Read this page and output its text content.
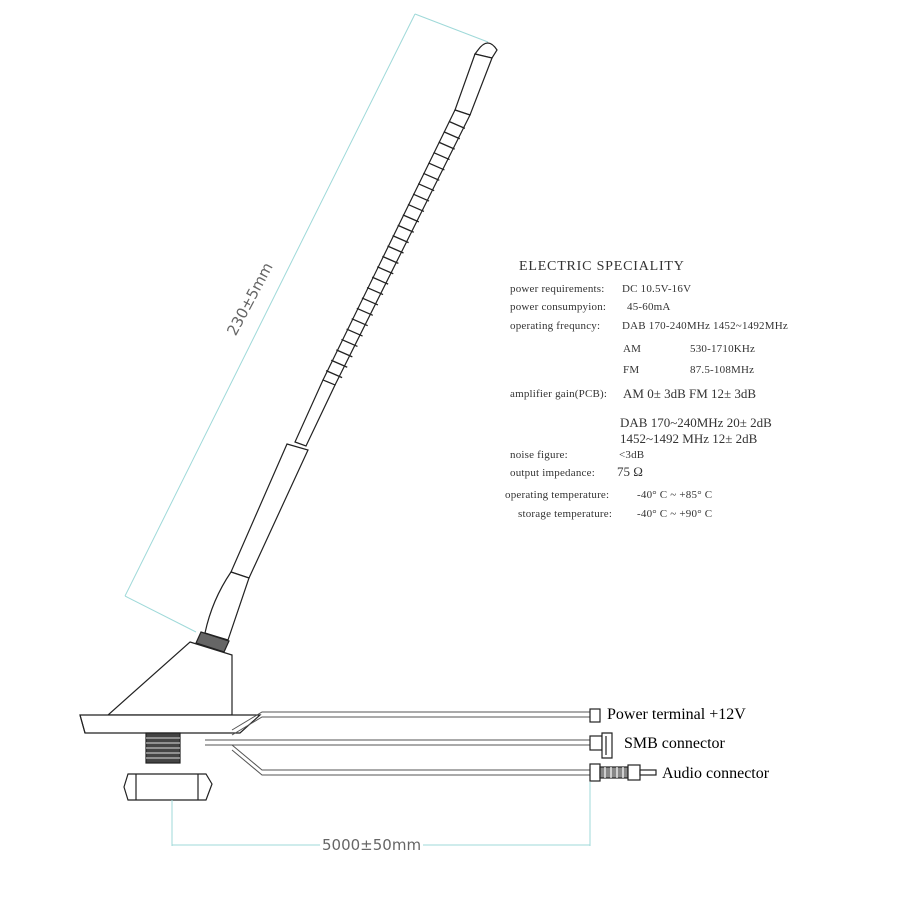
230±5mm
5000±50mm
ELECTRIC SPECIALITY
power requirements: DC 10.5V-16V
power consumpyion: 45-60mA
operating frequncy: DAB 170-240MHz 1452~1492MHz
AM	530-1710KHz
FM	87.5-108MHz
amplifier gain(PCB): AM 0± 3dB FM 12± 3dB
DAB 170~240MHz 20± 2dB
1452~1492 MHz 12± 2dB
noise figure:	<3dB
output impedance: 75 Ω
operating temperature:	-40° C ~ +85° C
storage temperature: -40° C ~ +90° C
Power terminal +12V
SMB connector
Audio connector
